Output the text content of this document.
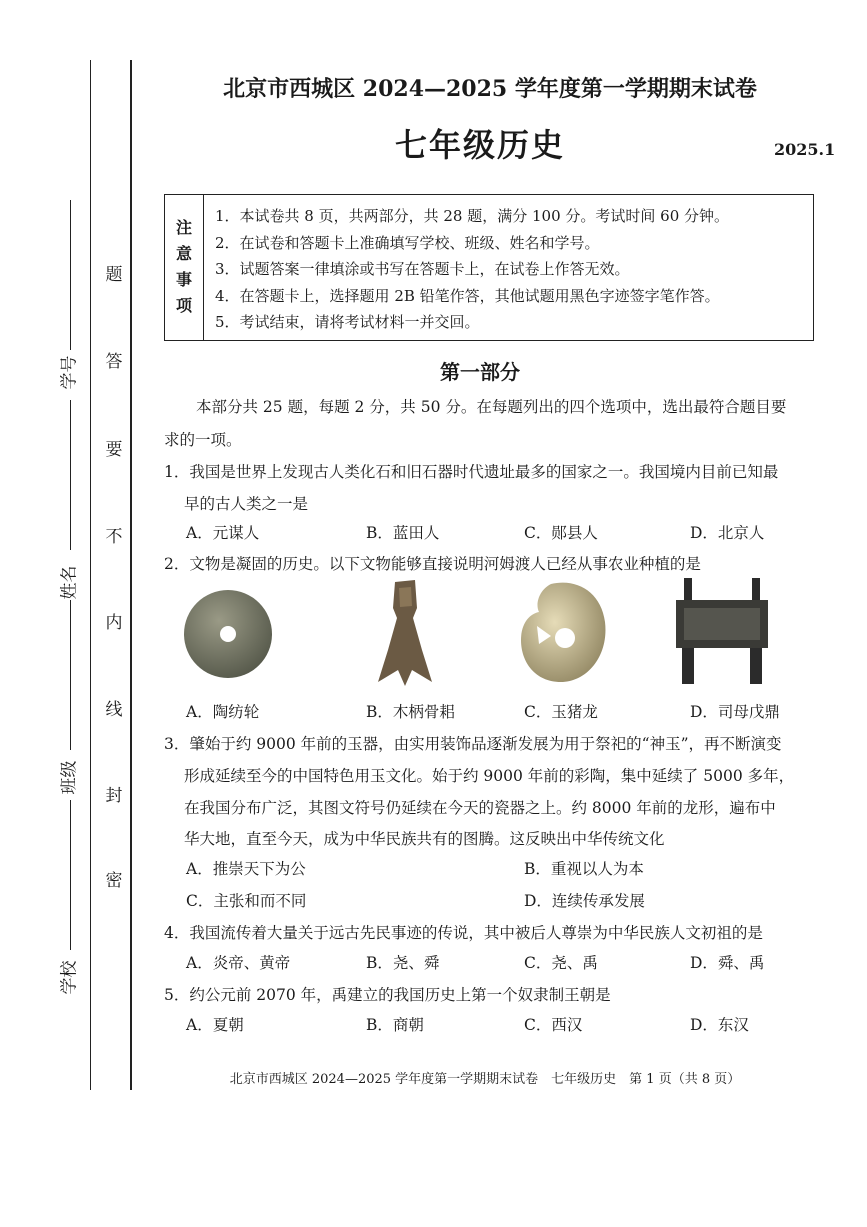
学号
姓名
班级
学校
题
答
要
不
内
线
封
密
北京市西城区 2024—2025 学年度第一学期期末试卷
七年级历史	2025.1
注
意
事
项
1．本试卷共 8 页，共两部分，共 28 题，满分 100 分。考试时间 60 分钟。
2．在试卷和答题卡上准确填写学校、班级、姓名和学号。
3．试题答案一律填涂或书写在答题卡上，在试卷上作答无效。
4．在答题卡上，选择题用 2B 铅笔作答，其他试题用黑色字迹签字笔作答。
5．考试结束，请将考试材料一并交回。
第一部分
本部分共 25 题，每题 2 分，共 50 分。在每题列出的四个选项中，选出最符合题目要
求的一项。
1．我国是世界上发现古人类化石和旧石器时代遗址最多的国家之一。我国境内目前已知最
早的古人类之一是
A．元谋人	B．蓝田人	C．郧县人	D．北京人
2．文物是凝固的历史。以下文物能够直接说明河姆渡人已经从事农业种植的是
A．陶纺轮	B．木柄骨耜	C．玉猪龙	D．司母戊鼎
3．肇始于约 9000 年前的玉器，由实用装饰品逐渐发展为用于祭祀的“神玉”，再不断演变
形成延续至今的中国特色用玉文化。始于约 9000 年前的彩陶，集中延续了 5000 多年，
在我国分布广泛，其图文符号仍延续在今天的瓷器之上。约 8000 年前的龙形，遍布中
华大地，直至今天，成为中华民族共有的图腾。这反映出中华传统文化
A．推崇天下为公	B．重视以人为本
C．主张和而不同	D．连续传承发展
4．我国流传着大量关于远古先民事迹的传说，其中被后人尊崇为中华民族人文初祖的是
A．炎帝、黄帝	B．尧、舜	C．尧、禹	D．舜、禹
5．约公元前 2070 年，禹建立的我国历史上第一个奴隶制王朝是
A．夏朝	B．商朝	C．西汉	D．东汉
北京市西城区 2024—2025 学年度第一学期期末试卷　七年级历史　第 1 页（共 8 页）
